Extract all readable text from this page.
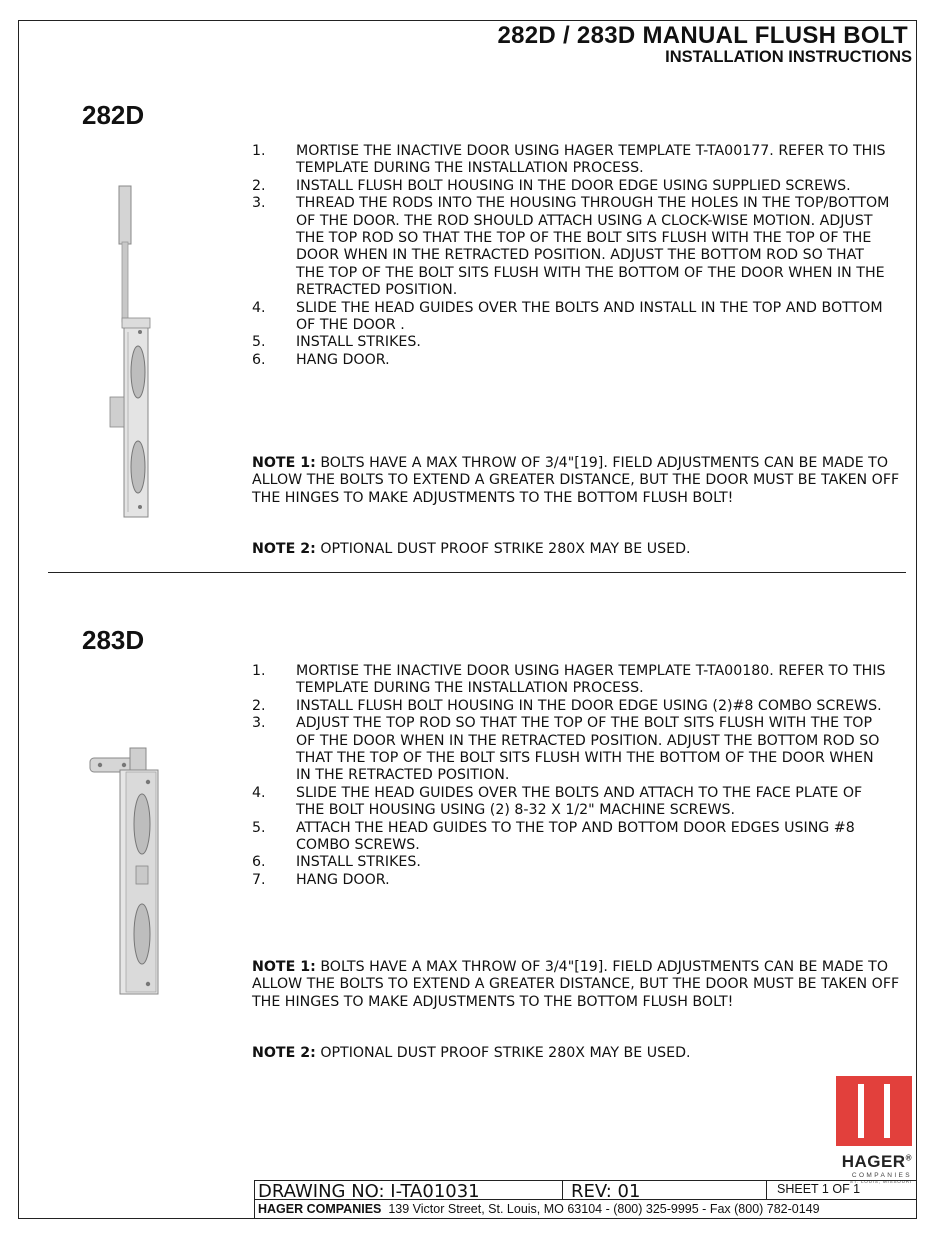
282D / 283D MANUAL FLUSH BOLT
INSTALLATION INSTRUCTIONS
282D
1. MORTISE THE INACTIVE DOOR USING HAGER TEMPLATE T-TA00177. REFER TO THIS TEMPLATE DURING THE INSTALLATION PROCESS.
2. INSTALL FLUSH BOLT HOUSING IN THE DOOR EDGE USING SUPPLIED SCREWS.
3. THREAD THE RODS INTO THE HOUSING THROUGH THE HOLES IN THE TOP/BOTTOM OF THE DOOR. THE ROD SHOULD ATTACH USING A CLOCK-WISE MOTION. ADJUST THE TOP ROD SO THAT THE TOP OF THE BOLT SITS FLUSH WITH THE TOP OF THE DOOR WHEN IN THE RETRACTED POSITION. ADJUST THE BOTTOM ROD SO THAT THE TOP OF THE BOLT SITS FLUSH WITH THE BOTTOM OF THE DOOR WHEN IN THE RETRACTED POSITION.
4. SLIDE THE HEAD GUIDES OVER THE BOLTS AND INSTALL IN THE TOP AND BOTTOM OF THE DOOR .
5. INSTALL STRIKES.
6. HANG DOOR.
NOTE 1: BOLTS HAVE A MAX THROW OF 3/4"[19]. FIELD ADJUSTMENTS CAN BE MADE TO ALLOW THE BOLTS TO EXTEND A GREATER DISTANCE, BUT THE DOOR MUST BE TAKEN OFF THE HINGES TO MAKE ADJUSTMENTS TO THE BOTTOM FLUSH BOLT!
NOTE 2: OPTIONAL DUST PROOF STRIKE 280X MAY BE USED.
283D
1. MORTISE THE INACTIVE DOOR USING HAGER TEMPLATE T-TA00180. REFER TO THIS TEMPLATE DURING THE INSTALLATION PROCESS.
2. INSTALL FLUSH BOLT HOUSING IN THE DOOR EDGE USING (2)#8 COMBO SCREWS.
3. ADJUST THE TOP ROD SO THAT THE TOP OF THE BOLT SITS FLUSH WITH THE TOP OF THE DOOR WHEN IN THE RETRACTED POSITION. ADJUST THE BOTTOM ROD SO THAT THE TOP OF THE BOLT SITS FLUSH WITH THE BOTTOM OF THE DOOR WHEN IN THE RETRACTED POSITION.
4. SLIDE THE HEAD GUIDES OVER THE BOLTS AND ATTACH TO THE FACE PLATE OF THE BOLT HOUSING USING (2) 8-32 X 1/2" MACHINE SCREWS.
5. ATTACH THE HEAD GUIDES TO THE TOP AND BOTTOM DOOR EDGES USING #8 COMBO SCREWS.
6. INSTALL STRIKES.
7. HANG DOOR.
NOTE 1: BOLTS HAVE A MAX THROW OF 3/4"[19]. FIELD ADJUSTMENTS CAN BE MADE TO ALLOW THE BOLTS TO EXTEND A GREATER DISTANCE, BUT THE DOOR MUST BE TAKEN OFF THE HINGES TO MAKE ADJUSTMENTS TO THE BOTTOM FLUSH BOLT!
NOTE 2: OPTIONAL DUST PROOF STRIKE 280X MAY BE USED.
HAGER®
COMPANIES
ST. LOUIS, MISSOURI
DRAWING NO: I-TA01031	REV: 01	SHEET 1 OF 1
HAGER COMPANIES 139 Victor Street, St. Louis, MO 63104 - (800) 325-9995 - Fax (800) 782-0149
